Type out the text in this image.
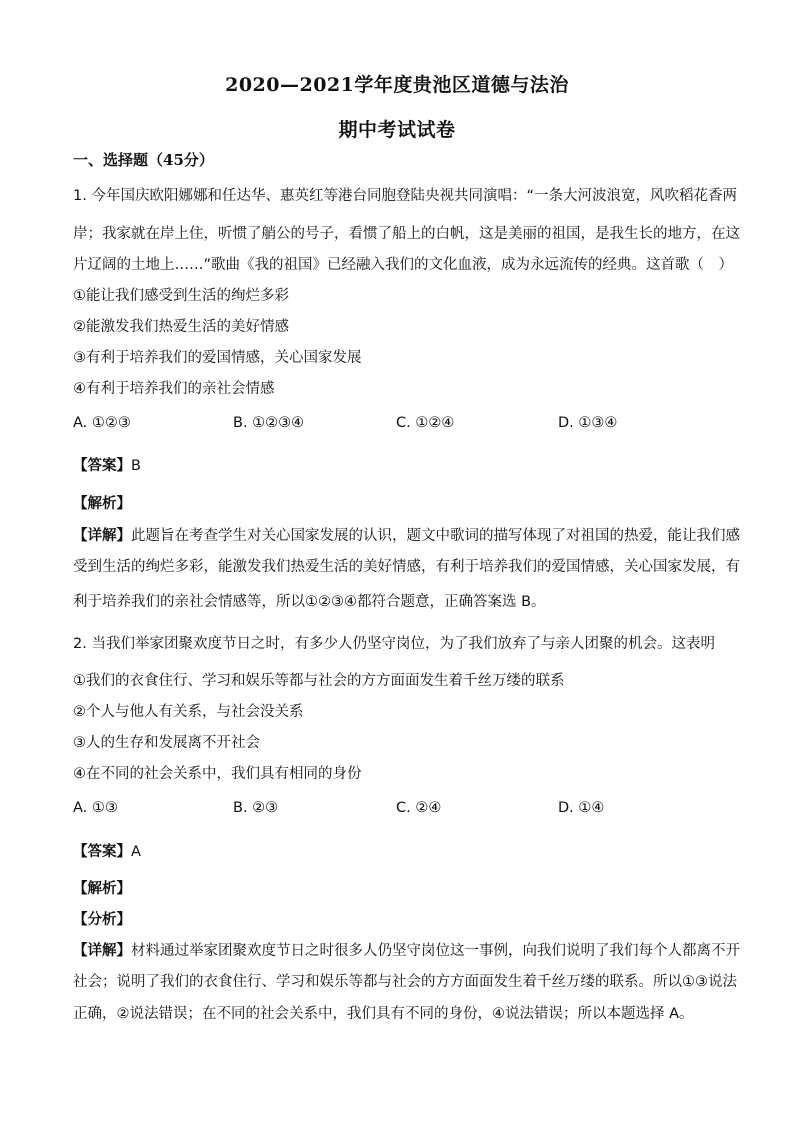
2020—2021学年度贵池区道德与法治
期中考试试卷
一、选择题（45分）
1. 今年国庆欧阳娜娜和任达华、惠英红等港台同胞登陆央视共同演唱：“一条大河波浪宽，风吹稻花香两
岸；我家就在岸上住，听惯了艄公的号子，看惯了船上的白帆，这是美丽的祖国，是我生长的地方，在这
片辽阔的土地上……”歌曲《我的祖国》已经融入我们的文化血液，成为永远流传的经典。这首歌（　）
①能让我们感受到生活的绚烂多彩
②能激发我们热爱生活的美好情感
③有利于培养我们的爱国情感，关心国家发展
④有利于培养我们的亲社会情感
A. ①②③	B. ①②③④	C. ①②④	D. ①③④
【答案】B
【解析】
【详解】此题旨在考查学生对关心国家发展的认识，题文中歌词的描写体现了对祖国的热爱，能让我们感
受到生活的绚烂多彩，能激发我们热爱生活的美好情感，有利于培养我们的爱国情感，关心国家发展，有
利于培养我们的亲社会情感等，所以①②③④都符合题意，正确答案选 B。
2. 当我们举家团聚欢度节日之时，有多少人仍坚守岗位，为了我们放弃了与亲人团聚的机会。这表明
①我们的衣食住行、学习和娱乐等都与社会的方方面面发生着千丝万缕的联系
②个人与他人有关系，与社会没关系
③人的生存和发展离不开社会
④在不同的社会关系中，我们具有相同的身份
A. ①③	B. ②③	C. ②④	D. ①④
【答案】A
【解析】
【分析】
【详解】材料通过举家团聚欢度节日之时很多人仍坚守岗位这一事例，向我们说明了我们每个人都离不开
社会；说明了我们的衣食住行、学习和娱乐等都与社会的方方面面发生着千丝万缕的联系。所以①③说法
正确，②说法错误；在不同的社会关系中，我们具有不同的身份，④说法错误；所以本题选择 A。
